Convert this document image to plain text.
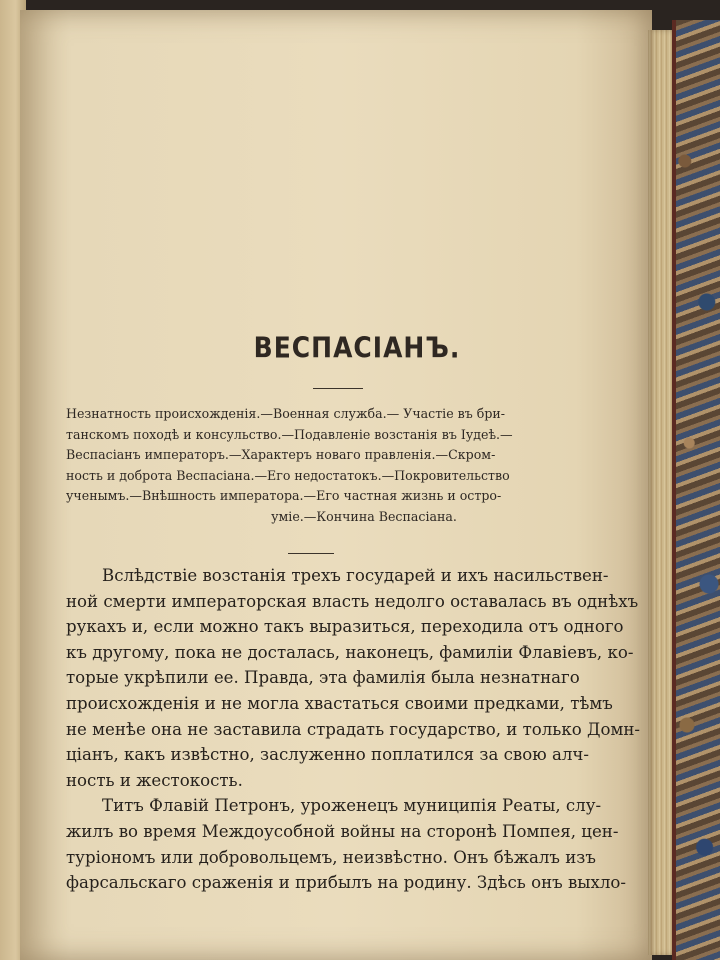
ВЕСПАСІАНЪ.
Незнатность происхожденія.—Военная служба.— Участіе въ бри-
танскомъ походѣ и консульство.—Подавленіе возстанія въ Іудеѣ.—
Веспасіанъ императоръ.—Характеръ новаго правленія.—Скром-
ность и доброта Веспасіана.—Его недостатокъ.—Покровительство
ученымъ.—Внѣшность императора.—Его частная жизнь и остро-
уміе.—Кончина Веспасіана.
Вслѣдствіе возстанія трехъ государей и ихъ насильствен-
ной смерти императорская власть недолго оставалась въ однѣхъ
рукахъ и, если можно такъ выразиться, переходила отъ одного
къ другому, пока не досталась, наконецъ, фамиліи Флавіевъ, ко-
торые укрѣпили ее. Правда, эта фамилія была незнатнаго
происхожденія и не могла хвастаться своими предками, тѣмъ
не менѣе она не заставила страдать государство, и только Домн-
ціанъ, какъ извѣстно, заслуженно поплатился за свою алч-
ность и жестокость.
Титъ Флавій Петронъ, уроженецъ муниципія Реаты, слу-
жилъ во время Междоусобной войны на сторонѣ Помпея, цен-
туріономъ или добровольцемъ, неизвѣстно. Онъ бѣжалъ изъ
фарсальскаго сраженія и прибылъ на родину. Здѣсь онъ выхло-
